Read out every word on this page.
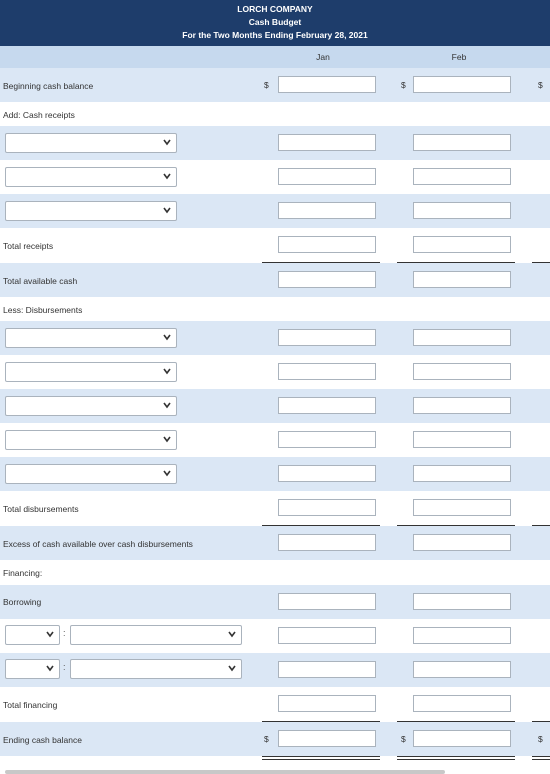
LORCH COMPANY
Cash Budget
For the Two Months Ending February 28, 2021
Jan	Feb
Beginning cash balance	$	$	$
Add: Cash receipts
Total receipts
Total available cash
Less: Disbursements
Total disbursements
Excess of cash available over cash disbursements
Financing:
Borrowing
:
:
Total financing
Ending cash balance	$	$	$
